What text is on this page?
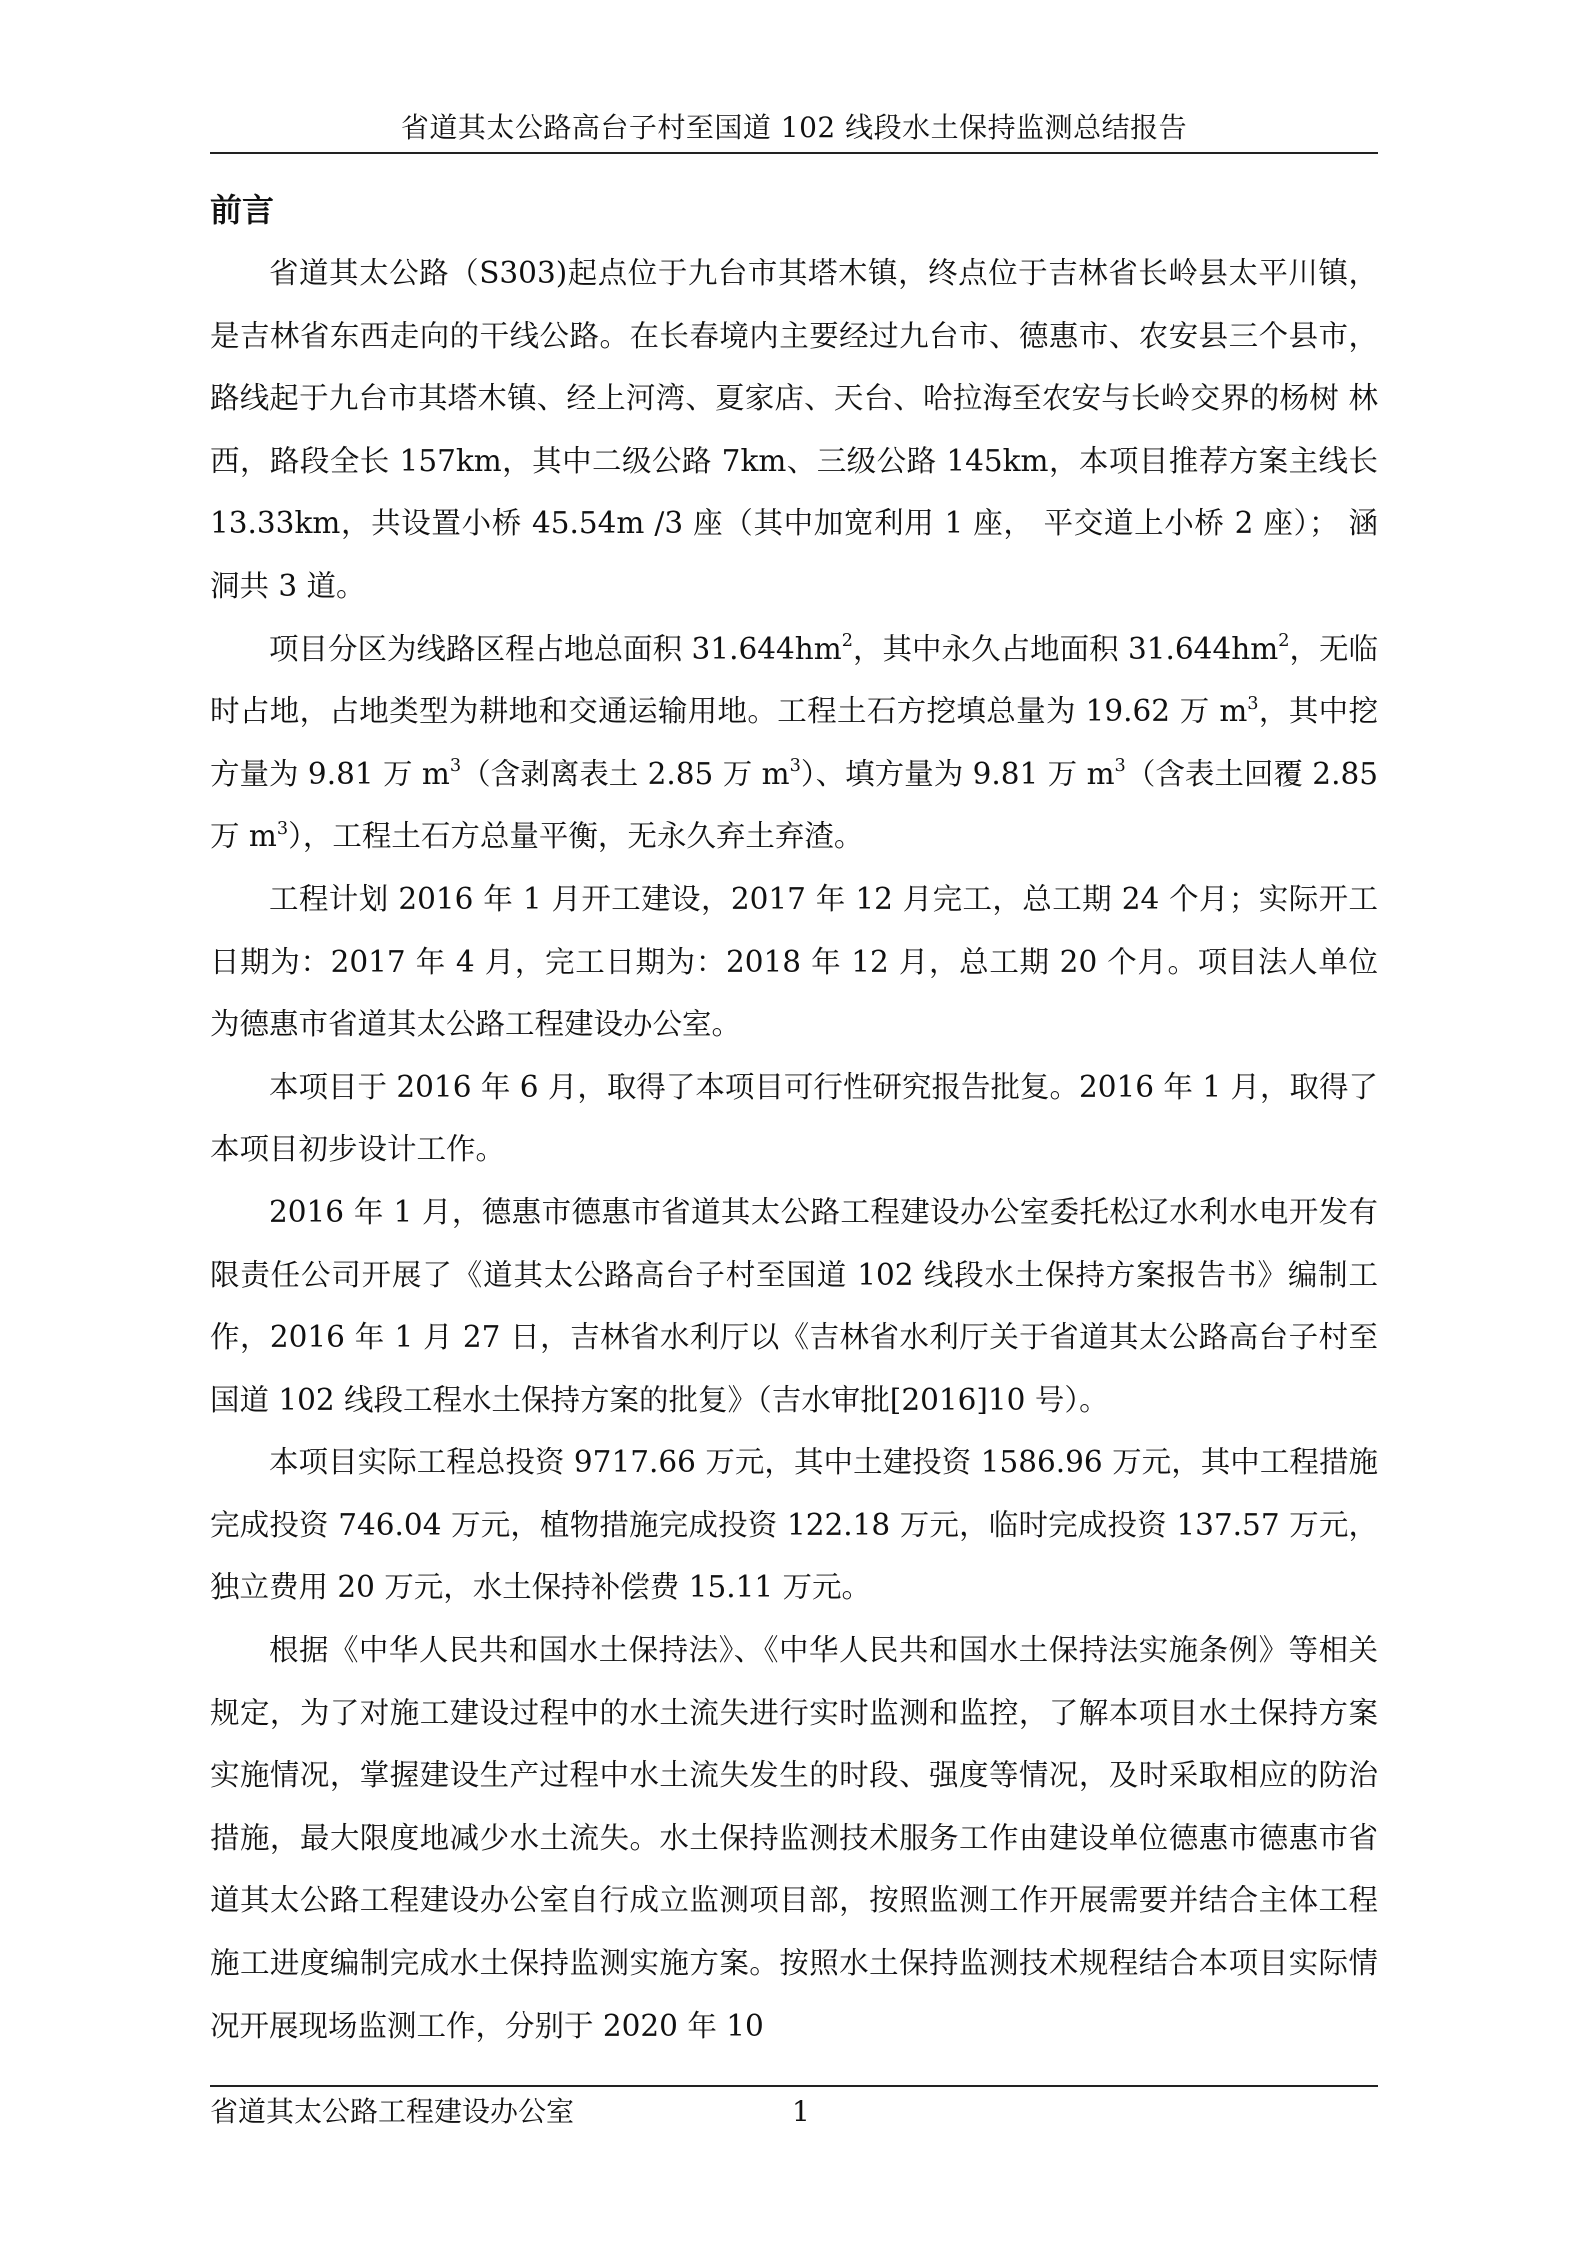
省道其太公路高台子村至国道 102 线段水土保持监测总结报告
前言

省道其太公路（S303)起点位于九台市其塔木镇，终点位于吉林省长岭县太平川镇， 是吉林省东西走向的干线公路。在长春境内主要经过九台市、德惠市、农安县三个县市， 路线起于九台市其塔木镇、经上河湾、夏家店、天台、哈拉海至农安与长岭交界的杨树 林西，路段全长 157km，其中二级公路 7km、三级公路 145km，本项目推荐方案主线长 13.33km，共设置小桥 45.54m /3 座（其中加宽利用 1 座， 平交道上小桥 2 座）； 涵洞共 3 道。

项目分区为线路区程占地总面积 $31.644hm^2$，其中永久占地面积 $31.644hm^2$，无临时占地，占地类型为耕地和交通运输用地。工程土石方挖填总量为 19.62 万 $m^3$，其中挖方量为 9.81 万 $m^3$（含剥离表土 2.85 万 $m^3$）、填方量为 9.81 万 $m^3$（含表土回覆 2.85 万 $m^3$），工程土石方总量平衡，无永久弃土弃渣。

工程计划 2016 年 1 月开工建设，2017 年 12 月完工，总工期 24 个月；实际开工日期为：2017 年 4 月，完工日期为：2018 年 12 月，总工期 20 个月。项目法人单位为德惠市省道其太公路工程建设办公室。

本项目于 2016 年 6 月，取得了本项目可行性研究报告批复。2016 年 1 月，取得了本项目初步设计工作。

2016 年 1 月，德惠市德惠市省道其太公路工程建设办公室委托松辽水利水电开发有限责任公司开展了《道其太公路高台子村至国道 102 线段水土保持方案报告书》编制工作，2016 年 1 月 27 日，吉林省水利厅以《吉林省水利厅关于省道其太公路高台子村至国道 102 线段工程水土保持方案的批复》（吉水审批[2016]10 号）。

本项目实际工程总投资 9717.66 万元，其中土建投资 1586.96 万元，其中工程措施完成投资 746.04 万元，植物措施完成投资 122.18 万元，临时完成投资 137.57 万元，独立费用 20 万元，水土保持补偿费 15.11 万元。

根据《中华人民共和国水土保持法》、《中华人民共和国水土保持法实施条例》等相关规定，为了对施工建设过程中的水土流失进行实时监测和监控，了解本项目水土保持方案实施情况，掌握建设生产过程中水土流失发生的时段、强度等情况，及时采取相应的防治措施，最大限度地减少水土流失。水土保持监测技术服务工作由建设单位德惠市德惠市省道其太公路工程建设办公室自行成立监测项目部，按照监测工作开展需要并结合主体工程施工进度编制完成水土保持监测实施方案。按照水土保持监测技术规程结合本项目实际情况开展现场监测工作，分别于 2020 年 10

省道其太公路工程建设办公室	1
